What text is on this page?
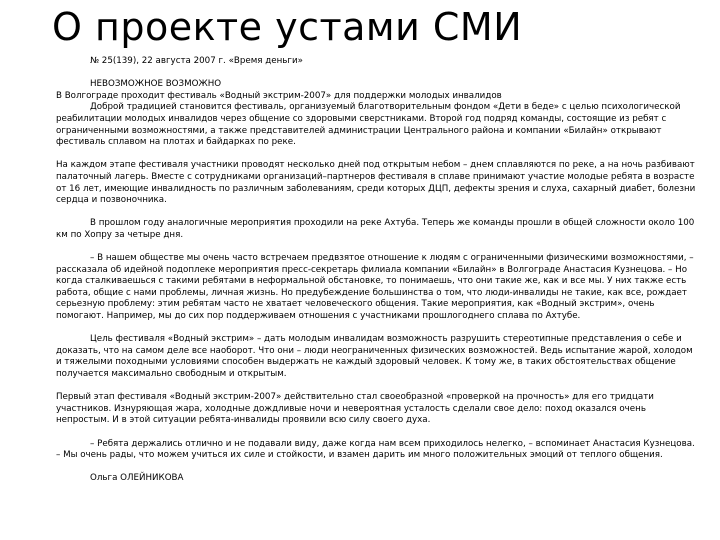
О проекте устами СМИ

№ 25(139), 22 августа 2007 г. «Время деньги»

НЕВОЗМОЖНОЕ ВОЗМОЖНО

В Волгограде проходит фестиваль «Водный экстрим-2007» для поддержки молодых инвалидов

Доброй традицией становится фестиваль, организуемый благотворительным фондом «Дети в беде» с целью психологической реабилитации молодых инвалидов через общение со здоровыми сверстниками. Второй год подряд команды, состоящие из ребят с ограниченными возможностями, а также представителей администрации Центрального района и компании «Билайн» открывают фестиваль сплавом на плотах и байдарках по реке.

На каждом этапе фестиваля участники проводят несколько дней под открытым небом – днем сплавляются по реке, а на ночь разбивают палаточный лагерь. Вместе с сотрудниками организаций–партнеров фестиваля в сплаве принимают участие молодые ребята в возрасте от 16 лет, имеющие инвалидность по различным заболеваниям, среди которых ДЦП, дефекты зрения и слуха, сахарный диабет, болезни сердца и позвоночника.

В прошлом году аналогичные мероприятия проходили на реке Ахтуба. Теперь же команды прошли в общей сложности около 100 км по Хопру за четыре дня.

– В нашем обществе мы очень часто встречаем предвзятое отношение к людям с ограниченными физическими возможностями, – рассказала об идейной подоплеке мероприятия пресс-секретарь филиала компании «Билайн» в Волгограде Анастасия Кузнецова. – Но когда сталкиваешься с такими ребятами в неформальной обстановке, то понимаешь, что они такие же, как и все мы. У них также есть работа, общие с нами проблемы, личная жизнь. Но предубеждение большинства о том, что люди-инвалиды не такие, как все, рождает серьезную проблему: этим ребятам часто не хватает человеческого общения. Такие мероприятия, как «Водный экстрим», очень помогают. Например, мы до сих пор поддерживаем отношения с участниками прошлогоднего сплава по Ахтубе.

Цель фестиваля «Водный экстрим» – дать молодым инвалидам возможность разрушить стереотипные представления о себе и доказать, что на самом деле все наоборот. Что они – люди неограниченных физических возможностей. Ведь испытание жарой, холодом и тяжелыми походными условиями способен выдержать не каждый здоровый человек. К тому же, в таких обстоятельствах общение получается максимально свободным и открытым.

Первый этап фестиваля «Водный экстрим-2007» действительно стал своеобразной «проверкой на прочность» для его тридцати участников. Изнуряющая жара, холодные дождливые ночи и невероятная усталость сделали свое дело: поход оказался очень непростым. И в этой ситуации ребята-инвалиды проявили всю силу своего духа.

– Ребята держались отлично и не подавали виду, даже когда нам всем приходилось нелегко, – вспоминает Анастасия Кузнецова. – Мы очень рады, что можем учиться их силе и стойкости, и взамен дарить им много положительных эмоций от теплого общения.

Ольга ОЛЕЙНИКОВА
